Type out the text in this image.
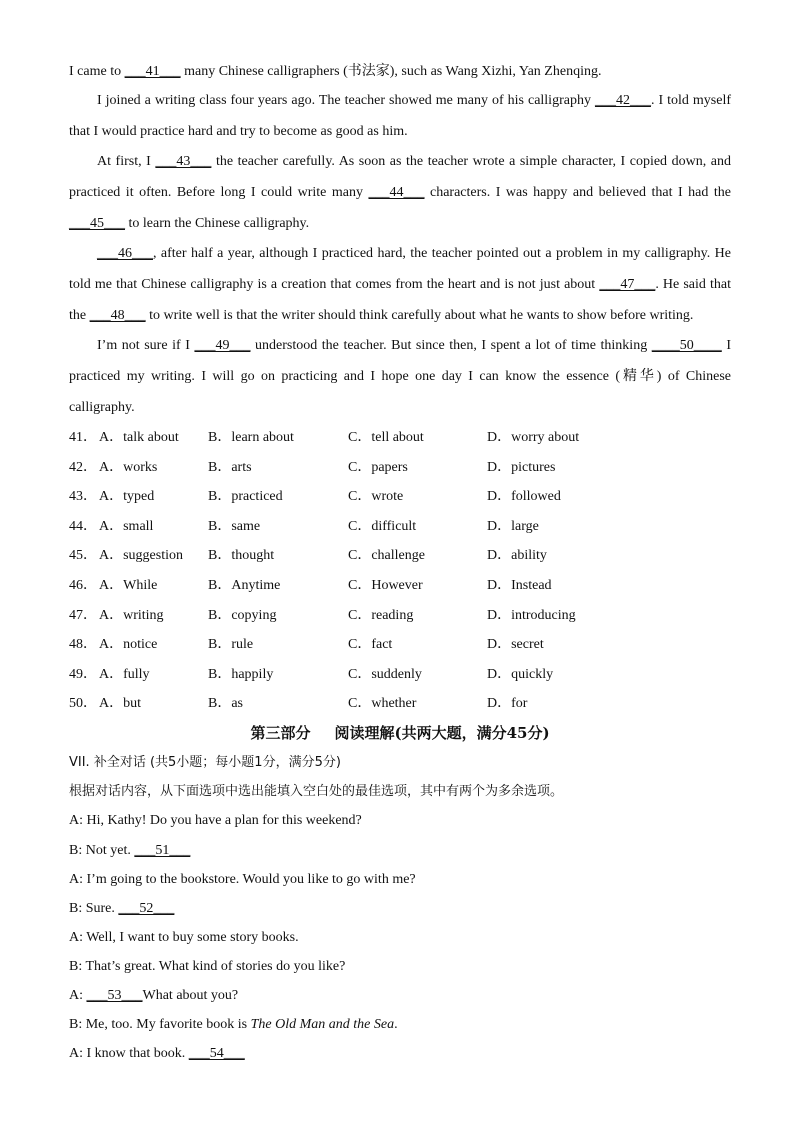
I came to ___41___ many Chinese calligraphers (书法家), such as Wang Xizhi, Yan Zhenqing.
I joined a writing class four years ago. The teacher showed me many of his calligraphy ___42___. I told myself
that I would practice hard and try to become as good as him.
At first, I ___43___ the teacher carefully. As soon as the teacher wrote a simple character, I copied down, and
practiced it often. Before long I could write many ___44___ characters. I was happy and believed that I had the
___45___ to learn the Chinese calligraphy.
___46___, after half a year, although I practiced hard, the teacher pointed out a problem in my calligraphy. He
told me that Chinese calligraphy is a creation that comes from the heart and is not just about ___47___. He said that
the ___48___ to write well is that the writer should think carefully about what he wants to show before writing.
I’m not sure if I ___49___ understood the teacher. But since then, I spent a lot of time thinking ____50____ I
practiced my writing. I will go on practicing and I hope one day I can know the essence (精华) of Chinese
calligraphy.
41． A．talk about B．learn about	C．tell about	D．worry about
42． A．works	B．arts	C．papers	D．pictures
43． A．typed	B．practiced	C．wrote	D．followed
44． A．small	B．same	C．difficult	D．large
45． A．suggestion B．thought	C．challenge	D．ability
46． A．While	B．Anytime	C．However	D．Instead
47． A．writing	B．copying	C．reading	D．introducing
48． A．notice	B．rule	C．fact	D．secret
49． A．fully	B．happily	C．suddenly	D．quickly
50． A．but	B．as	C．whether	D．for
第三部分 阅读理解(共两大题，满分45分)
VII. 补全对话 (共5小题；每小题1分，满分5分)
根据对话内容，从下面选项中选出能填入空白处的最佳选项，其中有两个为多余选项。
A: Hi, Kathy! Do you have a plan for this weekend?
B: Not yet. ___51___
A: I’m going to the bookstore. Would you like to go with me?
B: Sure. ___52___
A: Well, I want to buy some story books.
B: That’s great. What kind of stories do you like?
A: ___53___What about you?
B: Me, too. My favorite book is The Old Man and the Sea.
A: I know that book. ___54___
